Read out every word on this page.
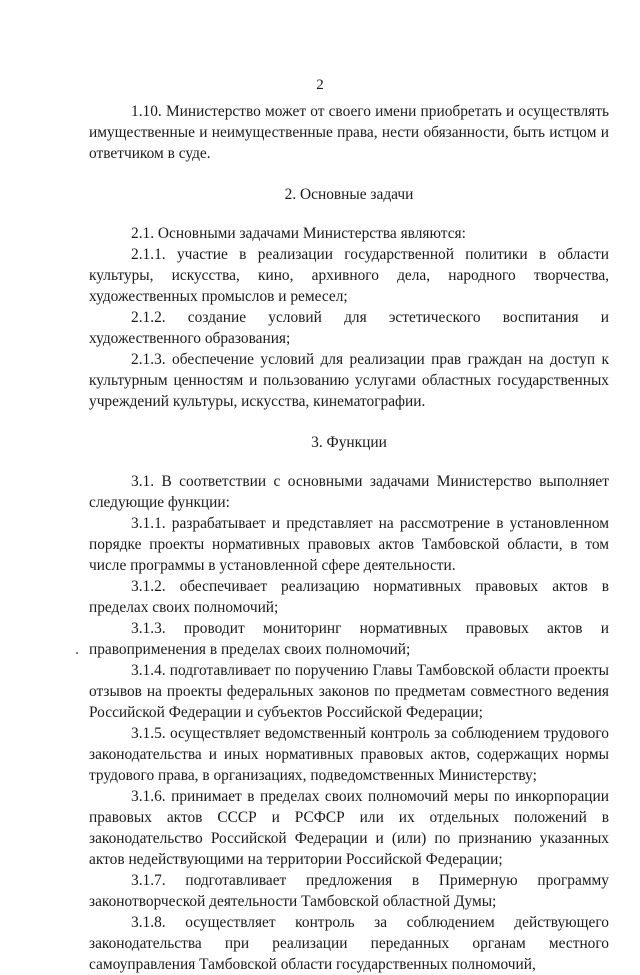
2

1.10. Министерство может от своего имени приобретать и осуществлять имущественные и неимущественные права, нести обязанности, быть истцом и ответчиком в суде.

2. Основные задачи

2.1. Основными задачами Министерства являются:

2.1.1. участие в реализации государственной политики в области культуры, искусства, кино, архивного дела, народного творчества, художественных промыслов и ремесел;

2.1.2. создание условий для эстетического воспитания и художественного образования;

2.1.3. обеспечение условий для реализации прав граждан на доступ к культурным ценностям и пользованию услугами областных государственных учреждений культуры, искусства, кинематографии.

3. Функции

3.1. В соответствии с основными задачами Министерство выполняет следующие функции:

3.1.1. разрабатывает и представляет на рассмотрение в установленном порядке проекты нормативных правовых актов Тамбовской области, в том числе программы в установленной сфере деятельности.

3.1.2. обеспечивает реализацию нормативных правовых актов в пределах своих полномочий;

3.1.3. проводит мониторинг нормативных правовых актов и правоприменения в пределах своих полномочий;

3.1.4. подготавливает по поручению Главы Тамбовской области проекты отзывов на проекты федеральных законов по предметам совместного ведения Российской Федерации и субъектов Российской Федерации;

3.1.5. осуществляет ведомственный контроль за соблюдением трудового законодательства и иных нормативных правовых актов, содержащих нормы трудового права, в организациях, подведомственных Министерству;

3.1.6. принимает в пределах своих полномочий меры по инкорпорации правовых актов СССР и РСФСР или их отдельных положений в законодательство Российской Федерации и (или) по признанию указанных актов недействующими на территории Российской Федерации;

3.1.7. подготавливает предложения в Примерную программу законотворческой деятельности Тамбовской областной Думы;

3.1.8. осуществляет контроль за соблюдением действующего законодательства при реализации переданных органам местного самоуправления Тамбовской области государственных полномочий,
